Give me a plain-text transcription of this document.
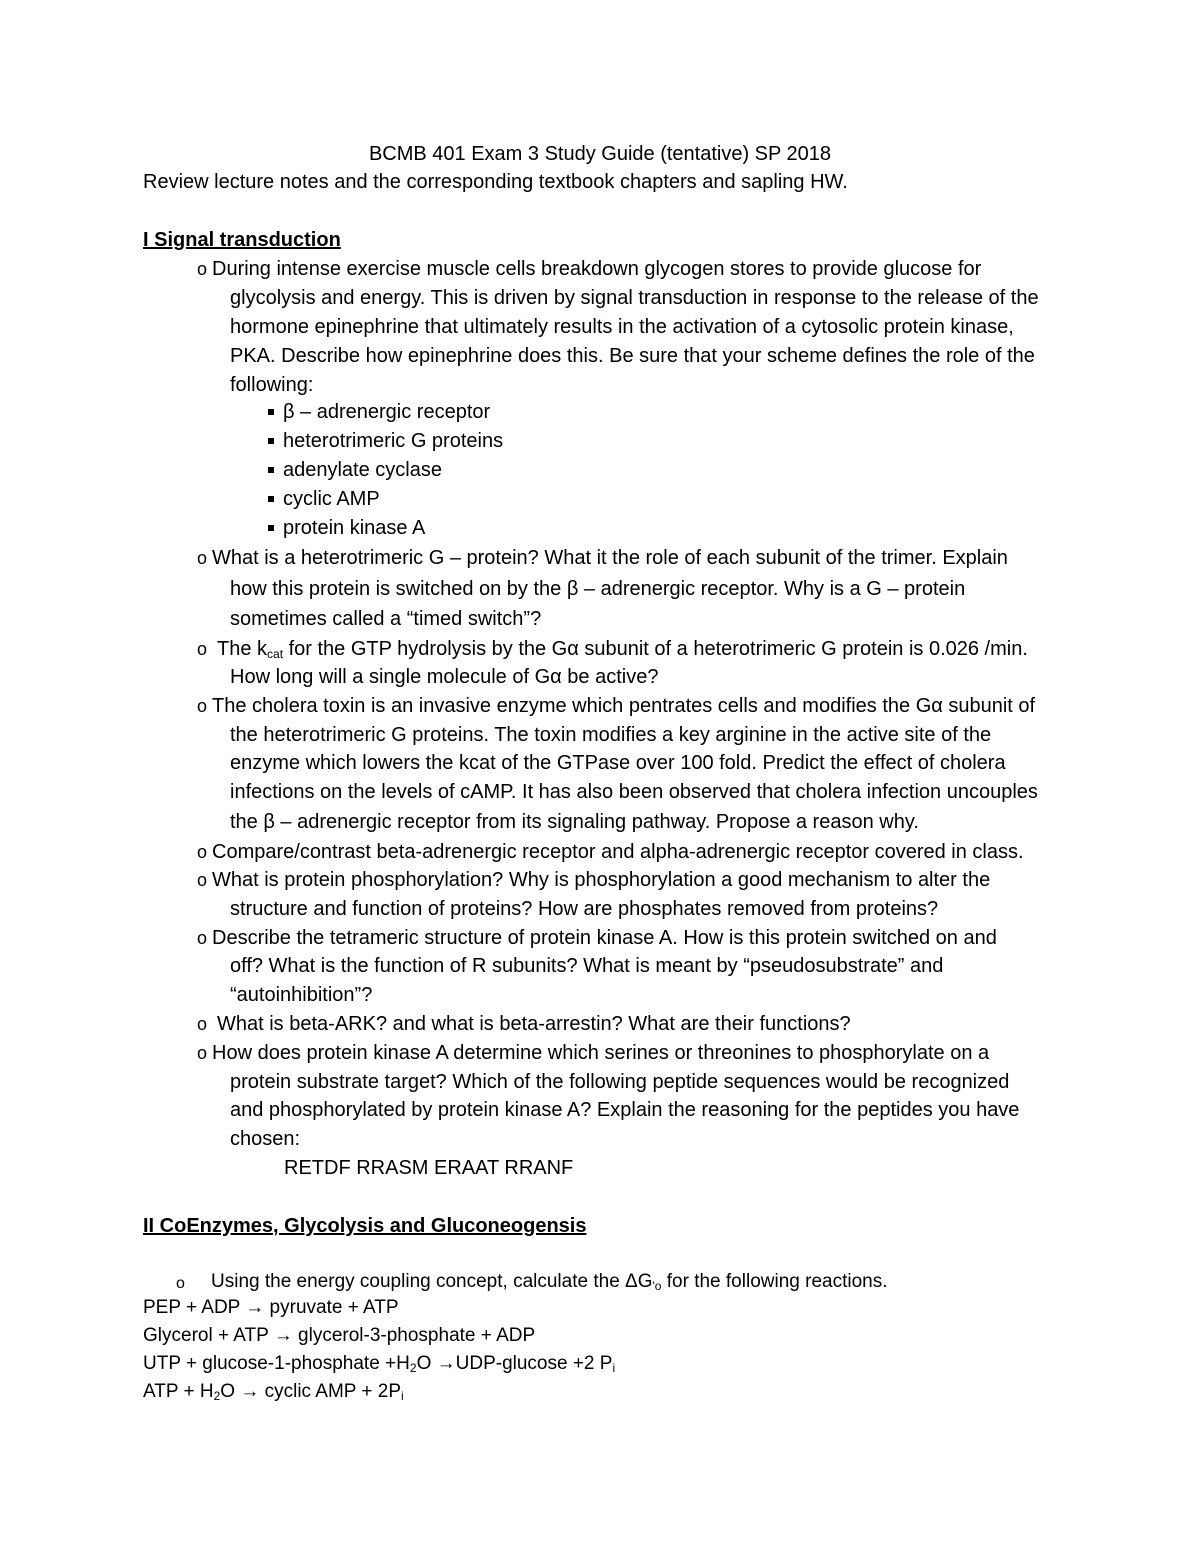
BCMB 401 Exam 3 Study Guide (tentative) SP 2018
Review lecture notes and the corresponding textbook chapters and sapling HW.
I Signal transduction
o During intense exercise muscle cells breakdown glycogen stores to provide glucose for
glycolysis and energy. This is driven by signal transduction in response to the release of the
hormone epinephrine that ultimately results in the activation of a cytosolic protein kinase,
PKA. Describe how epinephrine does this. Be sure that your scheme defines the role of the
following:
β – adrenergic receptor
heterotrimeric G proteins
adenylate cyclase
cyclic AMP
protein kinase A
o What is a heterotrimeric G – protein? What it the role of each subunit of the trimer. Explain
how this protein is switched on by the β – adrenergic receptor. Why is a G – protein
sometimes called a “timed switch”?
o The $k_{cat}$ for the GTP hydrolysis by the Gα subunit of a heterotrimeric G protein is 0.026 /min.
How long will a single molecule of Gα be active?
o The cholera toxin is an invasive enzyme which pentrates cells and modifies the Gα subunit of
the heterotrimeric G proteins. The toxin modifies a key arginine in the active site of the
enzyme which lowers the kcat of the GTPase over 100 fold. Predict the effect of cholera
infections on the levels of cAMP. It has also been observed that cholera infection uncouples
the β – adrenergic receptor from its signaling pathway. Propose a reason why.
o Compare/contrast beta-adrenergic receptor and alpha-adrenergic receptor covered in class.
o What is protein phosphorylation? Why is phosphorylation a good mechanism to alter the
structure and function of proteins? How are phosphates removed from proteins?
o Describe the tetrameric structure of protein kinase A. How is this protein switched on and
off? What is the function of R subunits? What is meant by “pseudosubstrate” and
“autoinhibition”?
o What is beta-ARK? and what is beta-arrestin? What are their functions?
o How does protein kinase A determine which serines or threonines to phosphorylate on a
protein substrate target? Which of the following peptide sequences would be recognized
and phosphorylated by protein kinase A? Explain the reasoning for the peptides you have
chosen:
RETDF RRASM ERAAT RRANF
II CoEnzymes, Glycolysis and Gluconeogensis
o Using the energy coupling concept, calculate the $\Delta G_{'o}$ for the following reactions.
PEP + ADP → pyruvate + ATP
Glycerol + ATP → glycerol-3-phosphate + ADP
UTP + glucose-1-phosphate $+H_2O \to UDP-glucose +2$ $P_i$
ATP + $H_2O$ → cyclic AMP + $2P_i$
